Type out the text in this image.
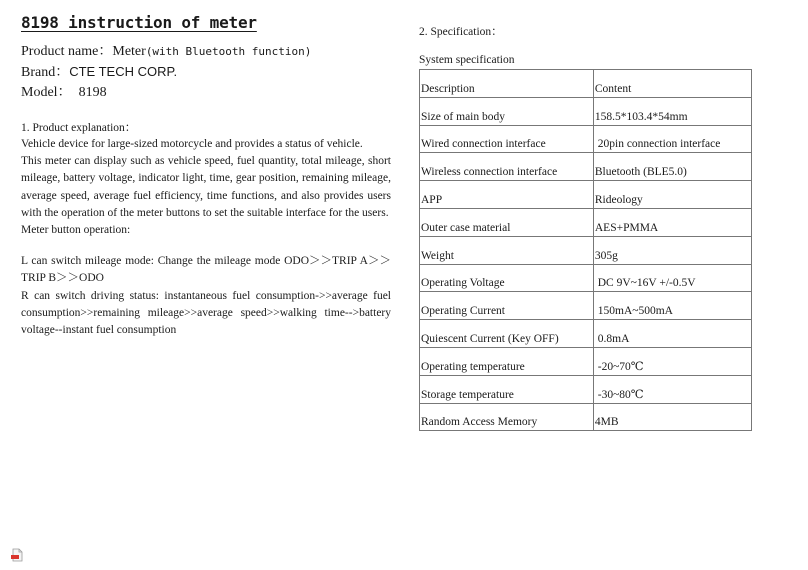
8198 instruction of meter
Product name：Meter(with Bluetooth function)
Brand：CTE TECH CORP.
Model： 8198
1. Product explanation：

Vehicle device for large-sized motorcycle and provides a status of vehicle.

This meter can display such as vehicle speed, fuel quantity, total mileage, short mileage, battery voltage, indicator light, time, gear position, remaining mileage, average speed, average fuel efficiency, time functions, and also provides users with the operation of the meter buttons to set the suitable interface for the users.

Meter button operation:

L can switch mileage mode: Change the mileage mode ODO＞＞TRIP A＞＞TRIP B＞＞ODO

R can switch driving status: instantaneous fuel consumption->>average fuel consumption>>remaining mileage>>average speed>>walking time-->battery voltage--instant fuel consumption

2. Specification：
System specification
Description	Content
Size of main body	158.5*103.4*54mm
Wired connection interface	20pin connection interface
Wireless connection interface	Bluetooth (BLE5.0)
APP	Rideology
Outer case material	AES+PMMA
Weight	305g
Operating Voltage	DC 9V~16V +/-0.5V
Operating Current	150mA~500mA
Quiescent Current (Key OFF)	0.8mA
Operating temperature	-20~70℃
Storage temperature	-30~80℃
Random Access Memory	4MB
